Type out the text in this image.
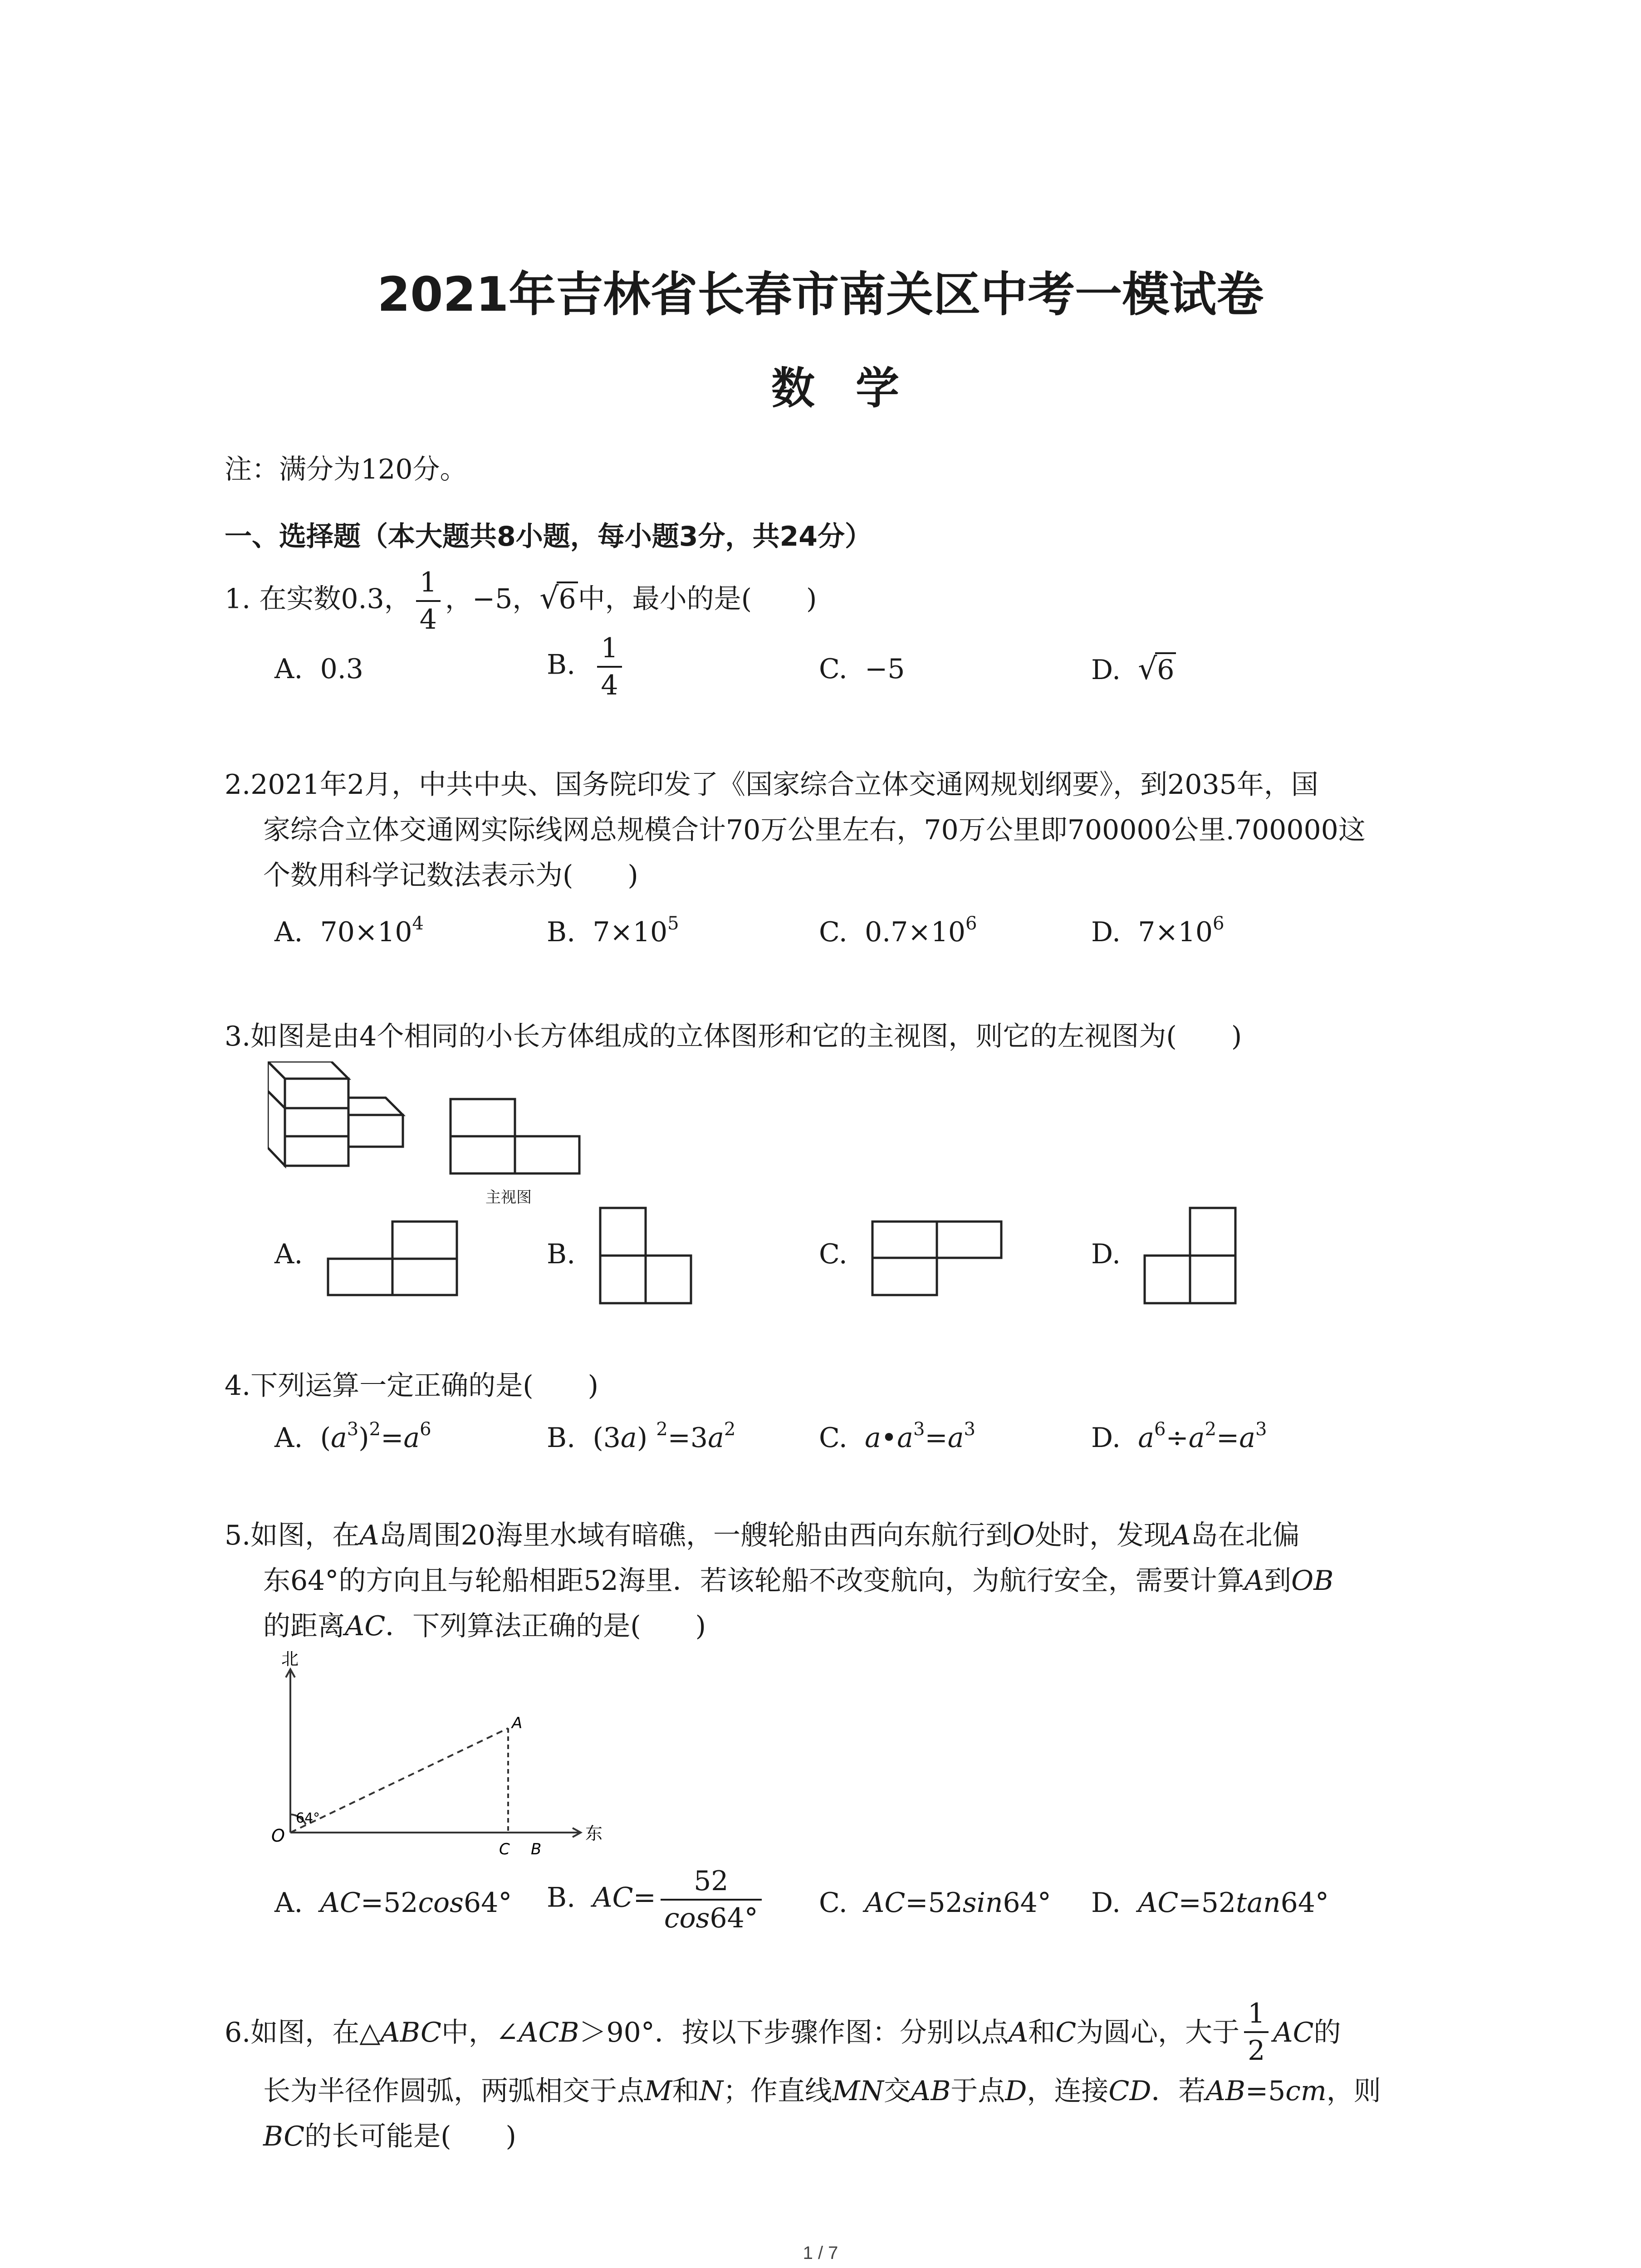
2021年吉林省长春市南关区中考一模试卷
数学
注：满分为120分。
一、选择题（本大题共8小题，每小题3分，共24分）
1. 在实数0.3， $\frac{1}{4}$ ，−5，√6中，最小的是(　　)
A. 0.3	B. $\frac{1}{4}$	C. −5	D. √6
2.2021年2月，中共中央、国务院印发了《国家综合立体交通网规划纲要》，到2035年，国
家综合立体交通网实际线网总规模合计70万公里左右，70万公里即700000公里.700000这
个数用科学记数法表示为(　　)
A. $70\times 10^4$	B. $7\times 10^5$	C. $0.7\times 10^6$	D. $7\times 10^6$
3.如图是由4个相同的小长方体组成的立体图形和它的主视图，则它的左视图为(　　)
主视图
A.	B.	C.	D.
4.下列运算一定正确的是(　　)
A. $(a^3)^2=a^6$	B. (3a) $^2=3a^2$	C. $a•a^3=a^3$	D. $a^6\div a^2=a^3$
5.如图，在A岛周围20海里水域有暗礁，一艘轮船由西向东航行到O处时，发现A岛在北偏
东64°的方向且与轮船相距52海里．若该轮船不改变航向，为航行安全，需要计算A到OB
的距离AC．下列算法正确的是(　　)
北
东
A
O
C B
64°
A. AC=52cos64° B. $AC= \frac{52}{\cos 64^\circ} C$. AC=52sin64° D. AC=52tan64°
6.如图，在△ABC中，∠ACB＞90°．按以下步骤作图：分别以点A和C为圆心，大于 $\frac{1}{2}$ AC的
长为半径作圆弧，两弧相交于点M和N；作直线MN交AB于点D，连接CD．若AB=5cm，则
BC的长可能是(　　)
1 / 7
